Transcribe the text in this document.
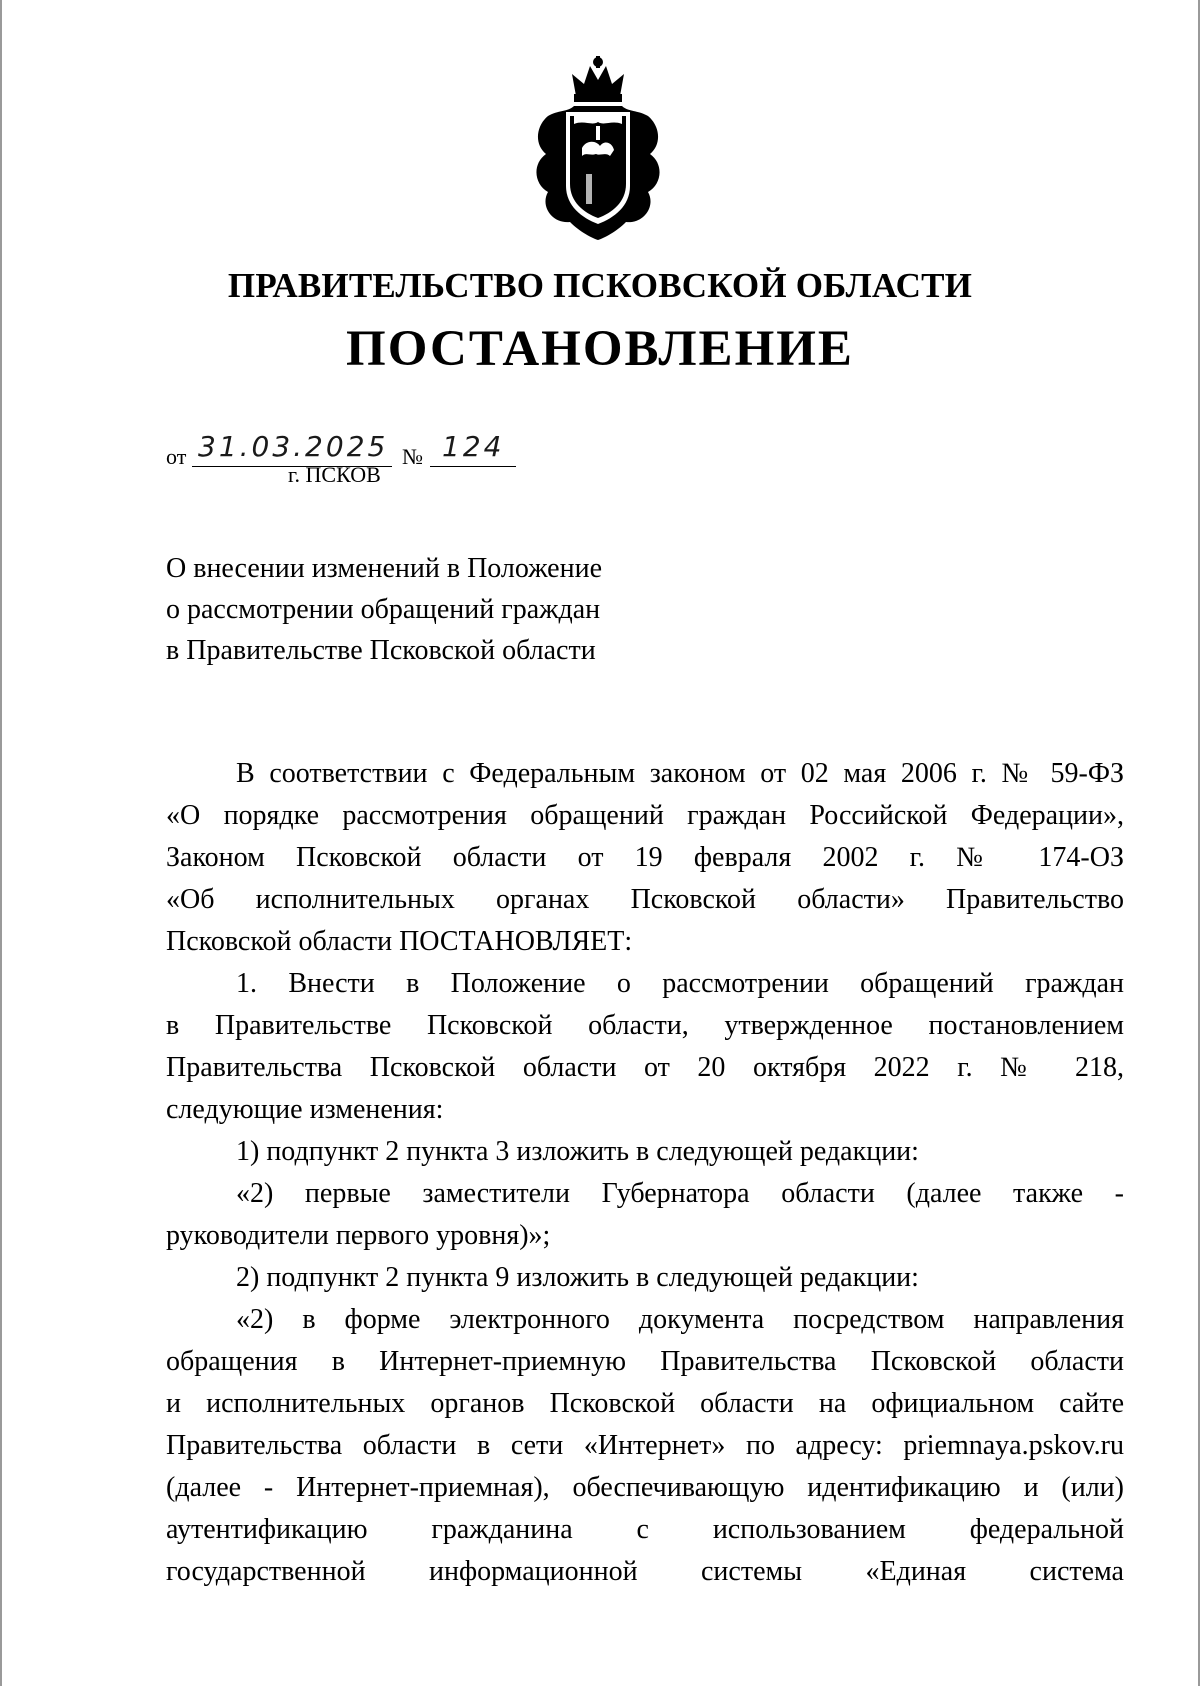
ПРАВИТЕЛЬСТВО ПСКОВСКОЙ ОБЛАСТИ
ПОСТАНОВЛЕНИЕ
от 31.03.2025 № 124
г. ПСКОВ
О внесении изменений в Положение
о рассмотрении обращений граждан
в Правительстве Псковской области
В соответствии с Федеральным законом от 02 мая 2006 г. № 59-ФЗ
«О порядке рассмотрения обращений граждан Российской Федерации»,
Законом Псковской области от 19 февраля 2002 г. № 174-ОЗ
«Об исполнительных органах Псковской области» Правительство
Псковской области ПОСТАНОВЛЯЕТ:
1. Внести в Положение о рассмотрении обращений граждан
в Правительстве Псковской области, утвержденное постановлением
Правительства Псковской области от 20 октября 2022 г. № 218,
следующие изменения:
1) подпункт 2 пункта 3 изложить в следующей редакции:
«2) первые заместители Губернатора области (далее также -
руководители первого уровня)»;
2) подпункт 2 пункта 9 изложить в следующей редакции:
«2) в форме электронного документа посредством направления
обращения в Интернет-приемную Правительства Псковской области
и исполнительных органов Псковской области на официальном сайте
Правительства области в сети «Интернет» по адресу: priemnaya.pskov.ru
(далее - Интернет-приемная), обеспечивающую идентификацию и (или)
аутентификацию гражданина с использованием федеральной
государственной информационной системы «Единая система
